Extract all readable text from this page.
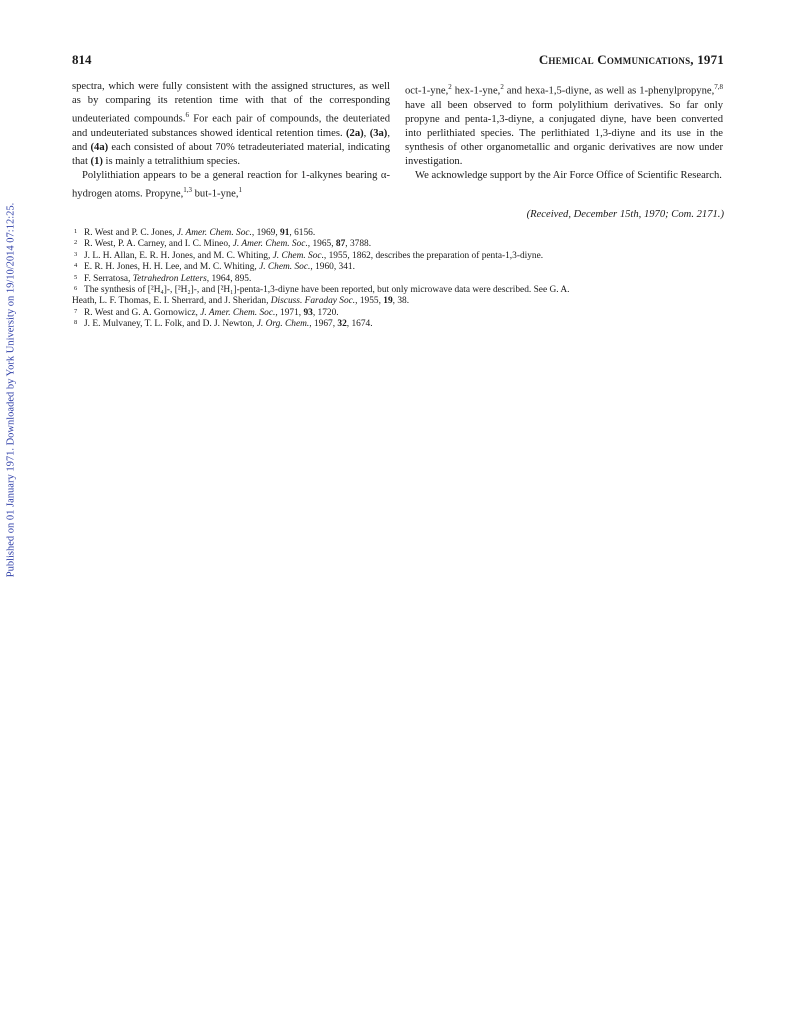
Published on 01 January 1971. Downloaded by York University on 19/10/2014 07:12:25.
814	Chemical Communications, 1971

spectra, which were fully consistent with the assigned structures, as well as by comparing its retention time with that of the corresponding undeuteriated compounds.$^6$ For each pair of compounds, the deuteriated and undeuteriated substances showed identical retention times. (2a), (3a), and (4a) each consisted of about 70% tetradeuteriated material, indicating that (1) is mainly a tetralithium species.

Polylithiation appears to be a general reaction for 1-alkynes bearing α-hydrogen atoms. Propyne,$^{1,3}$ but-1-yne,$^1$

oct-1-yne,$^2$ hex-1-yne,$^2$ and hexa-1,5-diyne, as well as 1-phenylpropyne,$^{7,8}$ have all been observed to form polylithium derivatives. So far only propyne and penta-1,3-diyne, a conjugated diyne, have been converted into perlithiated species. The perlithiated 1,3-diyne and its use in the synthesis of other organometallic and organic derivatives are now under investigation.

We acknowledge support by the Air Force Office of Scientific Research.

(Received, December 15th, 1970; Com. 2171.)
1 R. West and P. C. Jones, J. Amer. Chem. Soc., 1969, 91, 6156.
2 R. West, P. A. Carney, and I. C. Mineo, J. Amer. Chem. Soc., 1965, 87, 3788.
3 J. L. H. Allan, E. R. H. Jones, and M. C. Whiting, J. Chem. Soc., 1955, 1862, describes the preparation of penta-1,3-diyne.
4 E. R. H. Jones, H. H. Lee, and M. C. Whiting, J. Chem. Soc., 1960, 341.
5 F. Serratosa, Tetrahedron Letters, 1964, 895.
6 The synthesis of [²H₄]-, [²H₂]-, and [²H₁]-penta-1,3-diyne have been reported, but only microwave data were described. See G. A.
Heath, L. F. Thomas, E. I. Sherrard, and J. Sheridan, Discuss. Faraday Soc., 1955, 19, 38.
7 R. West and G. A. Gornowicz, J. Amer. Chem. Soc., 1971, 93, 1720.
8 J. E. Mulvaney, T. L. Folk, and D. J. Newton, J. Org. Chem., 1967, 32, 1674.
